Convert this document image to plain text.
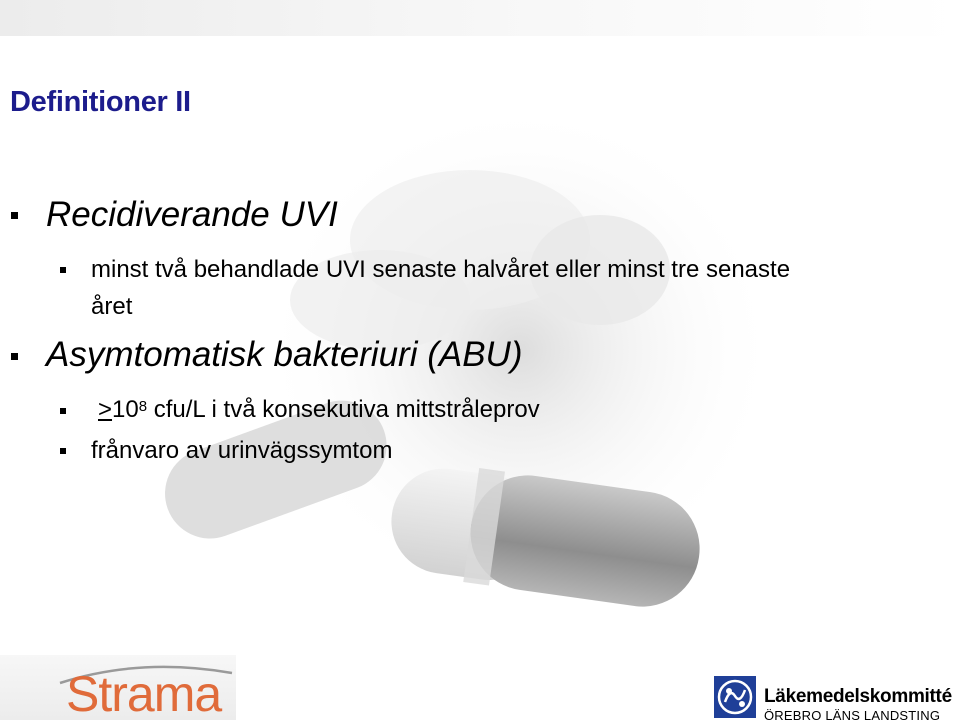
Definitioner II
Recidiverande UVI
minst två behandlade UVI senaste halvåret eller minst tre senaste
året
Asymtomatisk bakteriuri (ABU)
$>10^8$ cfu/L i två konsekutiva mittstråleprov
frånvaro av urinvägssymtom
Strama	Läkemedelskommitté
ÖREBRO LÄNS LANDSTING
